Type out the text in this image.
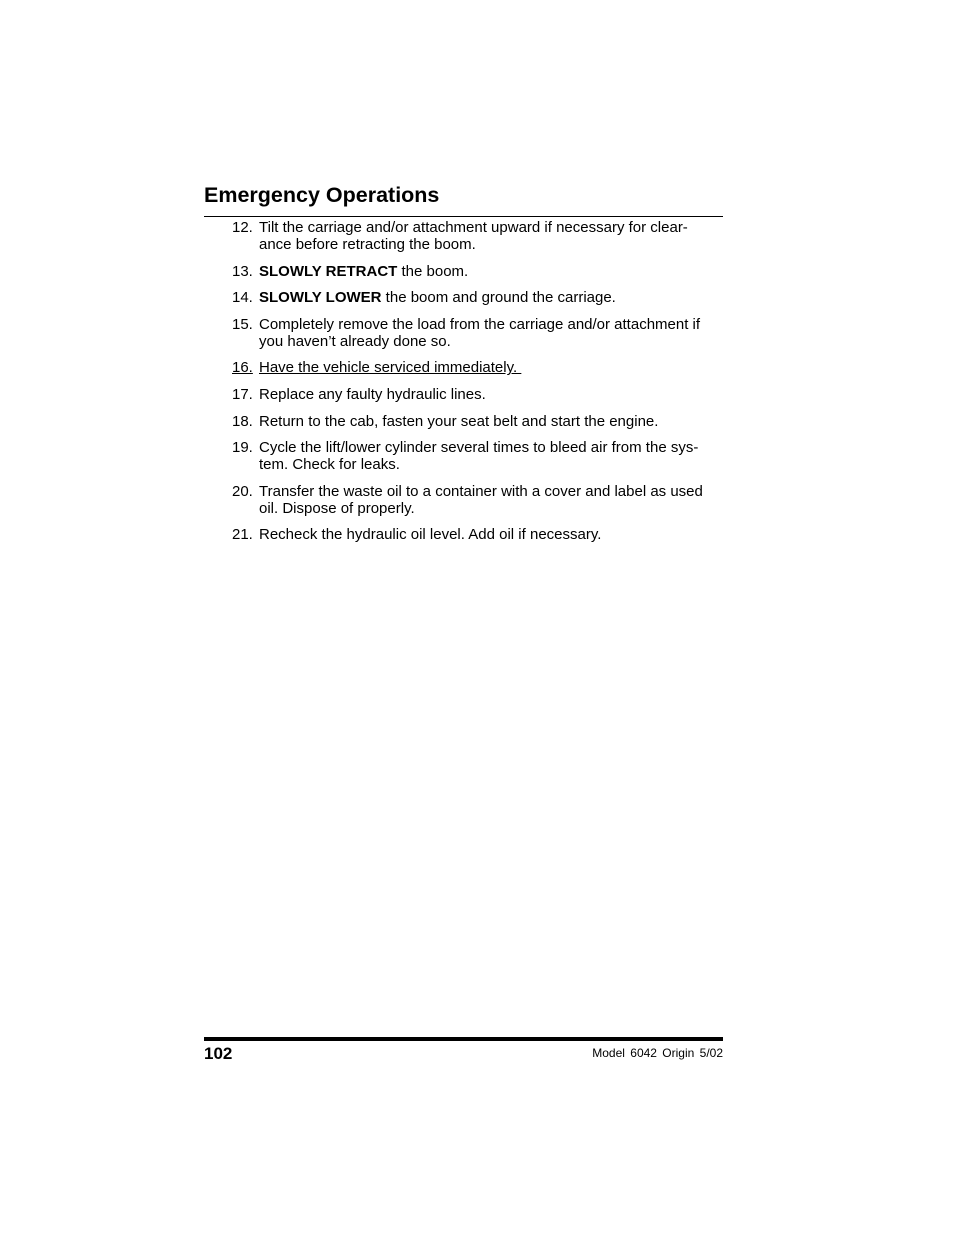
Emergency Operations
12. Tilt the carriage and/or attachment upward if necessary for clear-
ance before retracting the boom.
13. SLOWLY RETRACT the boom.
14. SLOWLY LOWER the boom and ground the carriage.
15. Completely remove the load from the carriage and/or attachment if
you haven’t already done so.
16. Have the vehicle serviced immediately.
17. Replace any faulty hydraulic lines.
18. Return to the cab, fasten your seat belt and start the engine.
19. Cycle the lift/lower cylinder several times to bleed air from the sys-
tem. Check for leaks.
20. Transfer the waste oil to a container with a cover and label as used
oil. Dispose of properly.
21. Recheck the hydraulic oil level. Add oil if necessary.
102	Model 6042 Origin 5/02
